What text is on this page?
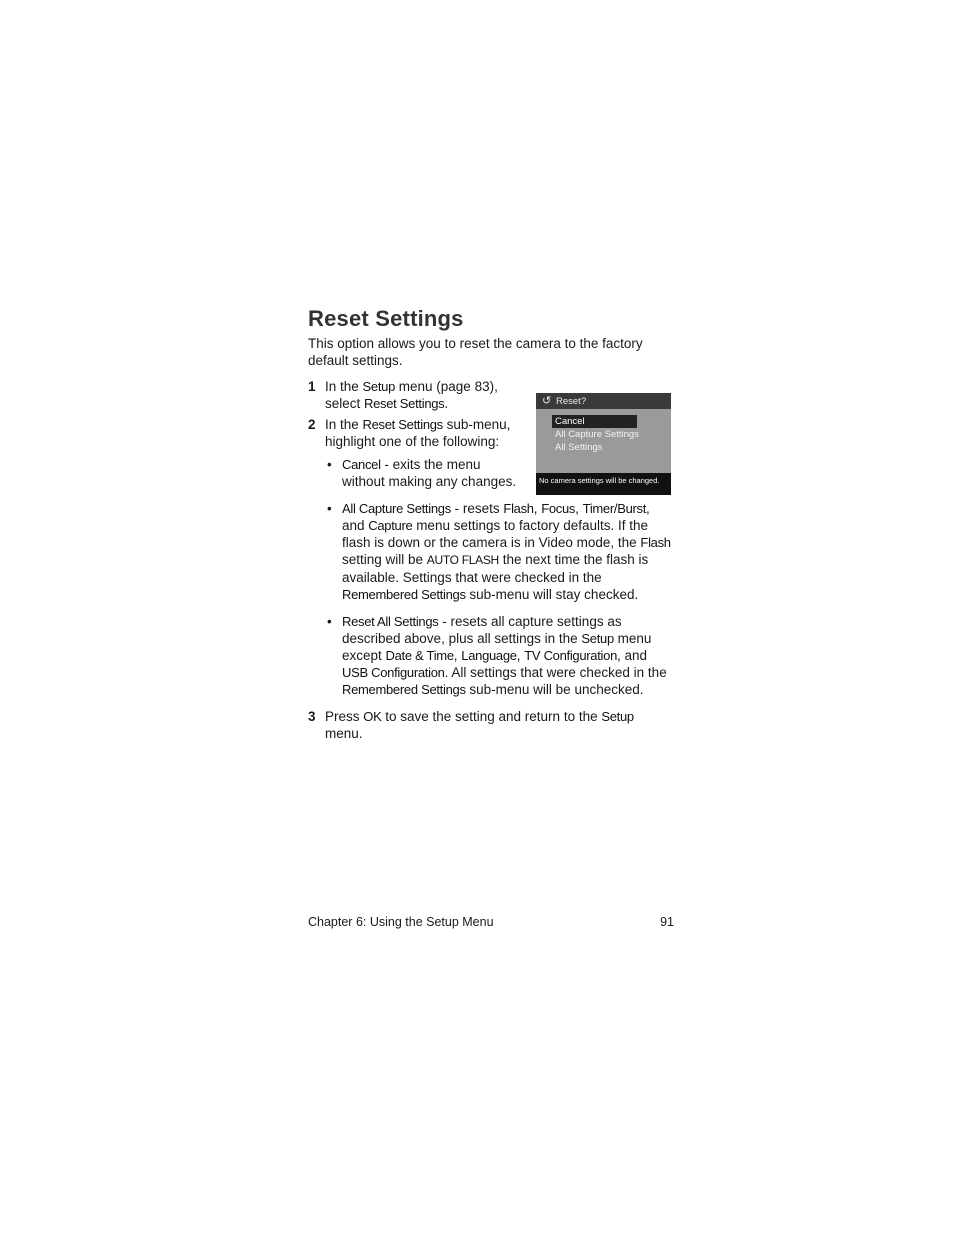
Reset Settings

This option allows you to reset the camera to the factory default settings.

1 In the Setup menu (page 83), select Reset Settings.
2 In the Reset Settings sub-menu, highlight one of the following:
• Cancel - exits the menu without making any changes.
• All Capture Settings - resets Flash, Focus, Timer/Burst, and Capture menu settings to factory defaults. If the flash is down or the camera is in Video mode, the Flash setting will be AUTO FLASH the next time the flash is available. Settings that were checked in the Remembered Settings sub-menu will stay checked.
• Reset All Settings - resets all capture settings as described above, plus all settings in the Setup menu except Date & Time, Language, TV Configuration, and USB Configuration. All settings that were checked in the Remembered Settings sub-menu will be unchecked.
3 Press OK to save the setting and return to the Setup menu.
↺ Reset?
Cancel
All Capture Settings
All Settings
No camera settings will be changed.
Chapter 6: Using the Setup Menu	91
